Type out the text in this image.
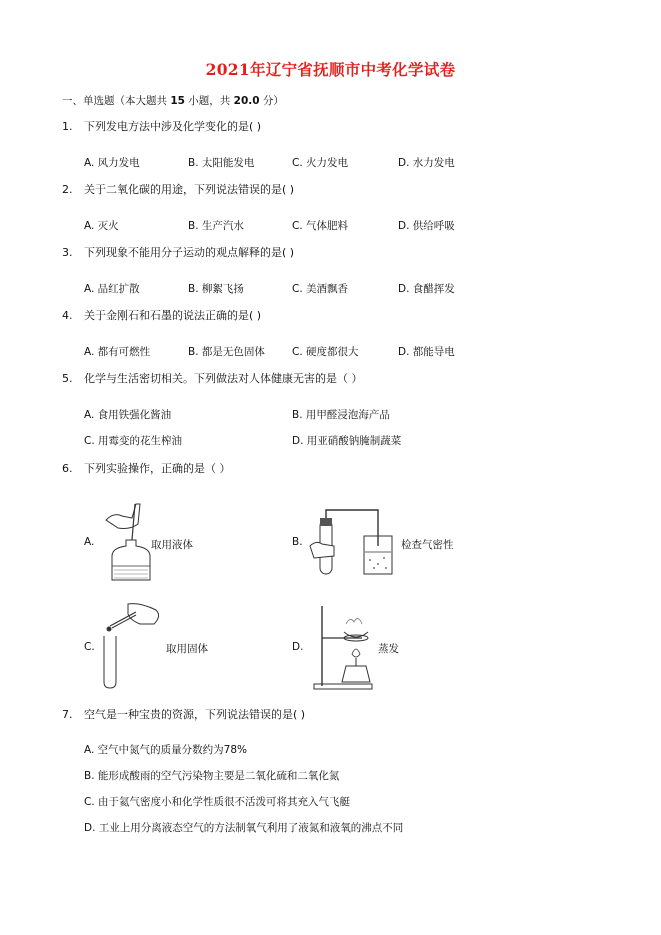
2021年辽宁省抚顺市中考化学试卷
一、单选题（本大题共 15 小题，共 20.0 分）
1. 下列发电方法中涉及化学变化的是( )
A. 风力发电	B. 太阳能发电	C. 火力发电	D. 水力发电
2. 关于二氧化碳的用途，下列说法错误的是( )
A. 灭火	B. 生产汽水	C. 气体肥料	D. 供给呼吸
3. 下列现象不能用分子运动的观点解释的是( )
A. 品红扩散	B. 柳絮飞扬	C. 美酒飘香	D. 食醋挥发
4. 关于金刚石和石墨的说法正确的是( )
A. 都有可燃性	B. 都是无色固体	C. 硬度都很大	D. 都能导电
5. 化学与生活密切相关。下列做法对人体健康无害的是（ ）
A. 食用铁强化酱油	B. 用甲醛浸泡海产品
C. 用霉变的花生榨油	D. 用亚硝酸钠腌制蔬菜
6. 下列实验操作，正确的是（ ）
A.	取用液体	B.	检查气密性
C.	取用固体	D.	蒸发
7. 空气是一种宝贵的资源，下列说法错误的是( )
A. 空气中氮气的质量分数约为78%
B. 能形成酸雨的空气污染物主要是二氧化硫和二氧化氮
C. 由于氦气密度小和化学性质很不活泼可将其充入气飞艇
D. 工业上用分离液态空气的方法制氧气利用了液氮和液氧的沸点不同
